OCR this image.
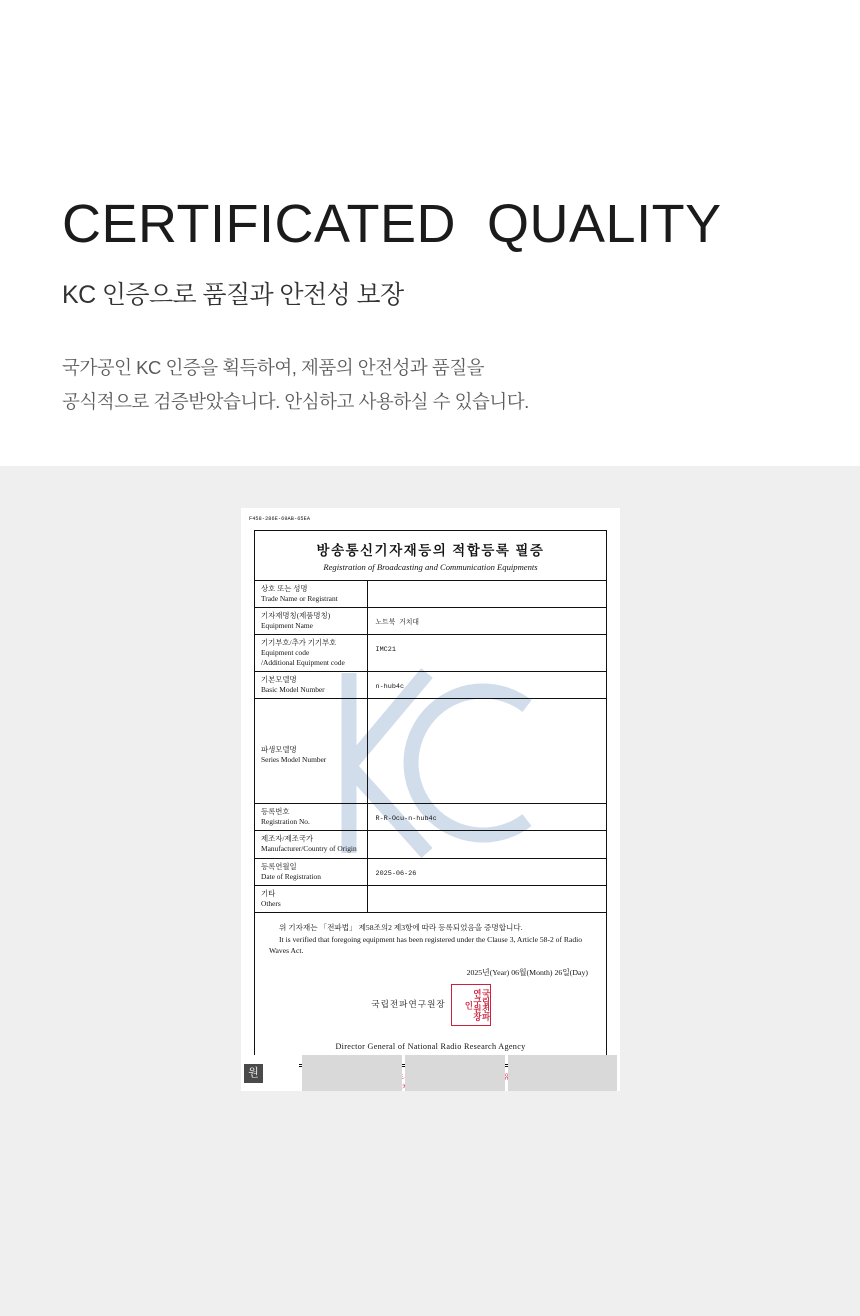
CERTIFICATED  QUALITY
KC 인증으로 품질과 안전성 보장
국가공인 KC 인증을 획득하여, 제품의 안전성과 품질을
공식적으로 검증받았습니다. 안심하고 사용하실 수 있습니다.
F458-286E-69AB-65EA
방송통신기자재등의 적합등록 필증
Registration of Broadcasting and Communication Equipments
상호 또는 성명
Trade Name or Registrant	

기자재명칭(제품명칭)
Equipment Name	노트북 거치대

기기부호/추가 기기부호
Equipment code
/Additional Equipment code	IMC21

기본모델명
Basic Model Number	n-hub4c

파생모델명
Series Model Number	

등록번호
Registration No.	R-R-Ocu-n-hub4c

제조자/제조국가
Manufacturer/Country of Origin	

등록연월일
Date of Registration	2025-06-26

기타
Others	

위 기자재는 「전파법」 제58조의2 제3항에 따라 등록되었음을 증명합니다.
It is verified that foregoing equipment has been registered under the Clause 3, Article 58-2 of Radio
Waves Act.
2025년(Year) 06월(Month) 26일(Day)
국립전파연구원장	국립전파연구원장인
Director General of National Radio Research Agency
원
